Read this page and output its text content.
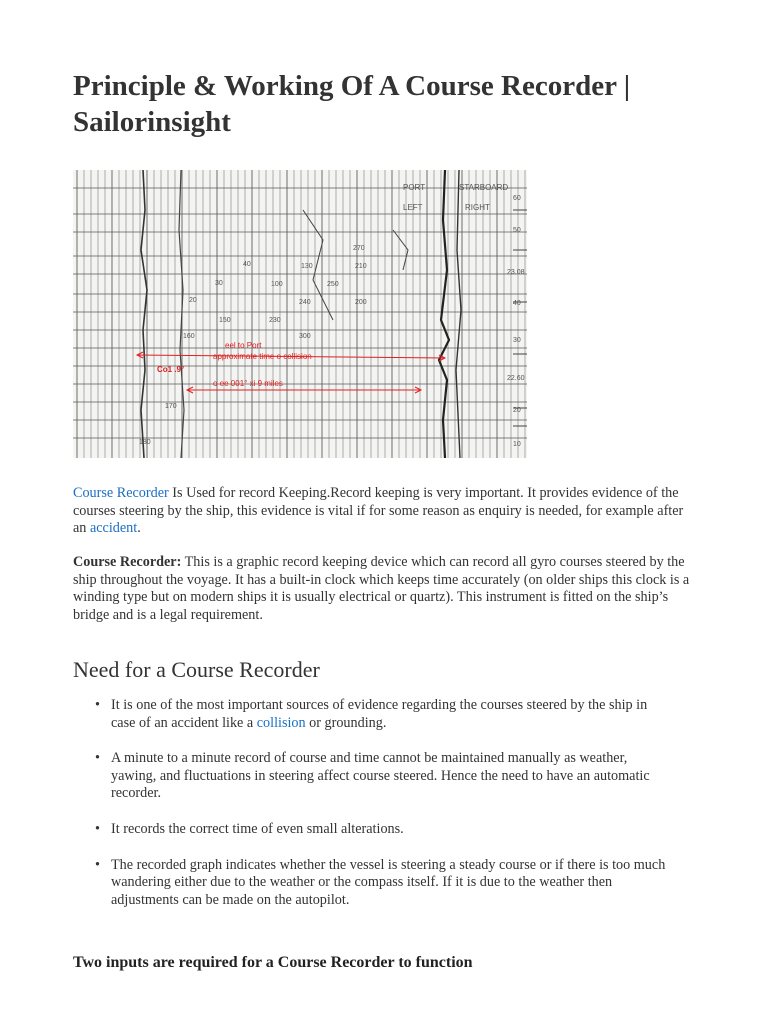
Principle & Working Of A Course Recorder | Sailorinsight
PORT	STARBOARD
LEFT	RIGHT
40
30
20
150
160
170
180
130
100
240
230
300
250
210
200
270
60
50
23.08
40
30
22.60
20
10
eel to Port
approximate time o collision
Co1 .9°
o ee 001° xi 9 miles

Course Recorder Is Used for record Keeping.Record keeping is very important. It provides evidence of the courses steering by the ship, this evidence is vital if for some reason as enquiry is needed, for example after an accident.

Course Recorder: This is a graphic record keeping device which can record all gyro courses steered by the ship throughout the voyage. It has a built-in clock which keeps time accurately (on older ships this clock is a winding type but on modern ships it is usually electrical or quartz). This instrument is fitted on the ship’s bridge and is a legal requirement.

Need for a Course Recorder
• It is one of the most important sources of evidence regarding the courses steered by the ship in case of an accident like a collision or grounding.
• A minute to a minute record of course and time cannot be maintained manually as weather, yawing, and fluctuations in steering affect course steered. Hence the need to have an automatic recorder.
• It records the correct time of even small alterations.
• The recorded graph indicates whether the vessel is steering a steady course or if there is too much wandering either due to the weather or the compass itself. If it is due to the weather then adjustments can be made on the autopilot.
Two inputs are required for a Course Recorder to function
